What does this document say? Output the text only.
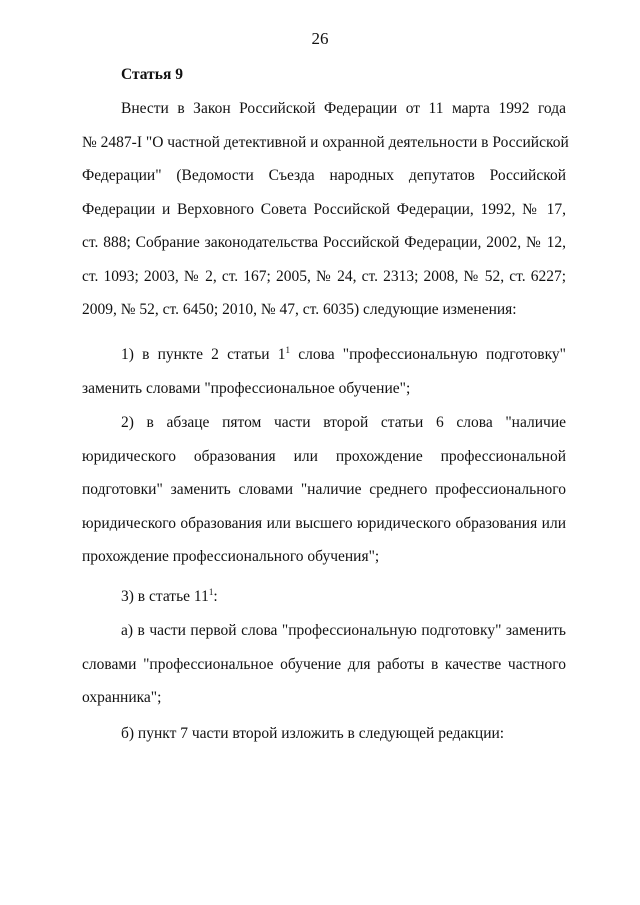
26
Статья 9
Внести в Закон Российской Федерации от 11 марта 1992 года
№ 2487-I "О частной детективной и охранной деятельности в Российской
Федерации" (Ведомости Съезда народных депутатов Российской
Федерации и Верховного Совета Российской Федерации, 1992, № 17,
ст. 888; Собрание законодательства Российской Федерации, 2002, № 12,
ст. 1093; 2003, № 2, ст. 167; 2005, № 24, ст. 2313; 2008, № 52, ст. 6227;
2009, № 52, ст. 6450; 2010, № 47, ст. 6035) следующие изменения:
1) в пункте 2 статьи $1^1$ слова "профессиональную подготовку"
заменить словами "профессиональное обучение";
2) в абзаце пятом части второй статьи 6 слова "наличие
юридического образования или прохождение профессиональной
подготовки" заменить словами "наличие среднего профессионального
юридического образования или высшего юридического образования или
прохождение профессионального обучения";
3) в статье $11^1$:
а) в части первой слова "профессиональную подготовку" заменить
словами "профессиональное обучение для работы в качестве частного
охранника";
б) пункт 7 части второй изложить в следующей редакции:
